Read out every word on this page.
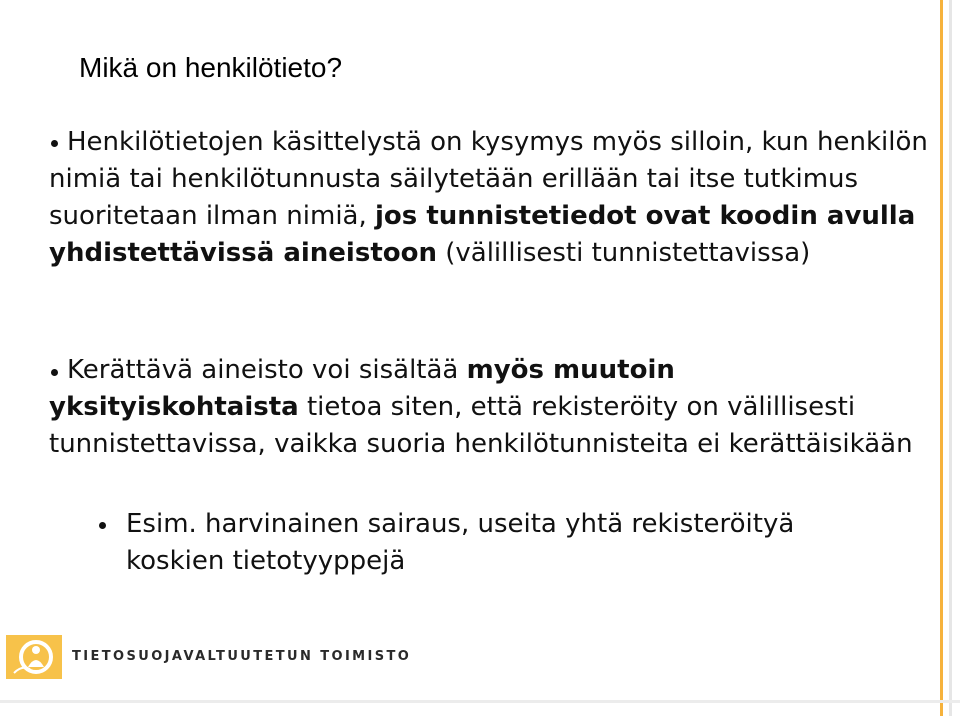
Mikä on henkilötieto?
Henkilötietojen käsittelystä on kysymys myös silloin, kun henkilön nimiä tai henkilötunnusta säilytetään erillään tai itse tutkimus suoritetaan ilman nimiä, jos tunnistetiedot ovat koodin avulla yhdistettävissä aineistoon (välillisesti tunnistettavissa)
Kerättävä aineisto voi sisältää myös muutoin yksityiskohtaista tietoa siten, että rekisteröity on välillisesti tunnistettavissa, vaikka suoria henkilötunnisteita ei kerättäisikään
Esim. harvinainen sairaus, useita yhtä rekisteröityä koskien tietotyyppejä
TIETOSUOJAVALTUUTETUN TOIMISTO
